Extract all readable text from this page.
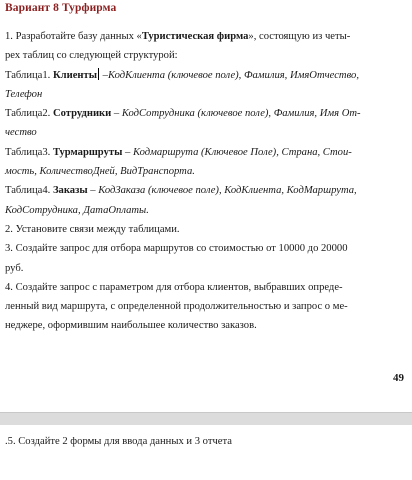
Вариант 8 Турфирма
1. Разработайте базу данных «Туристическая фирма», состоящую из четы-
рех таблиц со следующей структурой:
Таблица1. Клиенты –КодКлиента (ключевое поле), Фамилия, ИмяОтчество,
Телефон
Таблица2. Сотрудники – КодСотрудника (ключевое поле), Фамилия, Имя От-
чество
Таблица3. Турмаршруты – Кодмаршрута (Ключевое Поле), Страна, Стои-
мость, КоличествоДней, ВидТранспорта.
Таблица4. Заказы – КодЗаказа (ключевое поле), КодКлиента, КодМаршрута,
КодСотрудника, ДатаОплаты.
2. Установите связи между таблицами.
3. Создайте запрос для отбора маршрутов со стоимостью от 10000 до 20000
руб.
4. Создайте запрос с параметром для отбора клиентов, выбравших опреде-
ленный вид маршрута, с определенной продолжительностью и запрос о ме-
неджере, оформившим наибольшее количество заказов.
49
.5. Создайте 2 формы для ввода данных и 3 отчета
